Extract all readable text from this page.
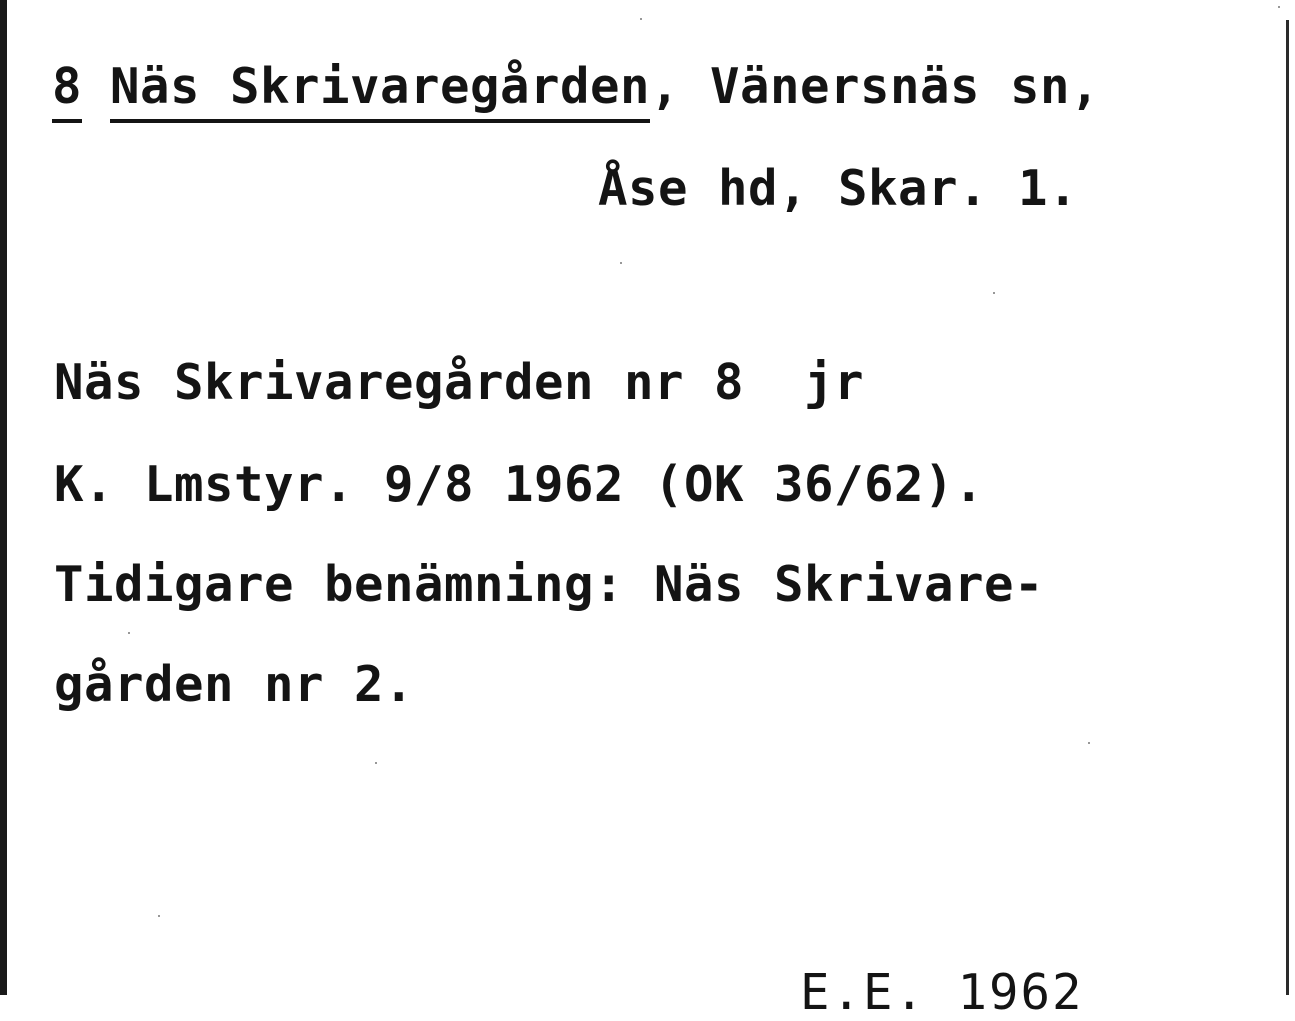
8 Näs Skrivaregården, Vänersnäs sn,
Åse hd, Skar. 1.
Näs Skrivaregården nr 8  jr
K. Lmstyr. 9/8 1962 (OK 36/62).
Tidigare benämning: Näs Skrivare-
gården nr 2.
E.E. 1962
